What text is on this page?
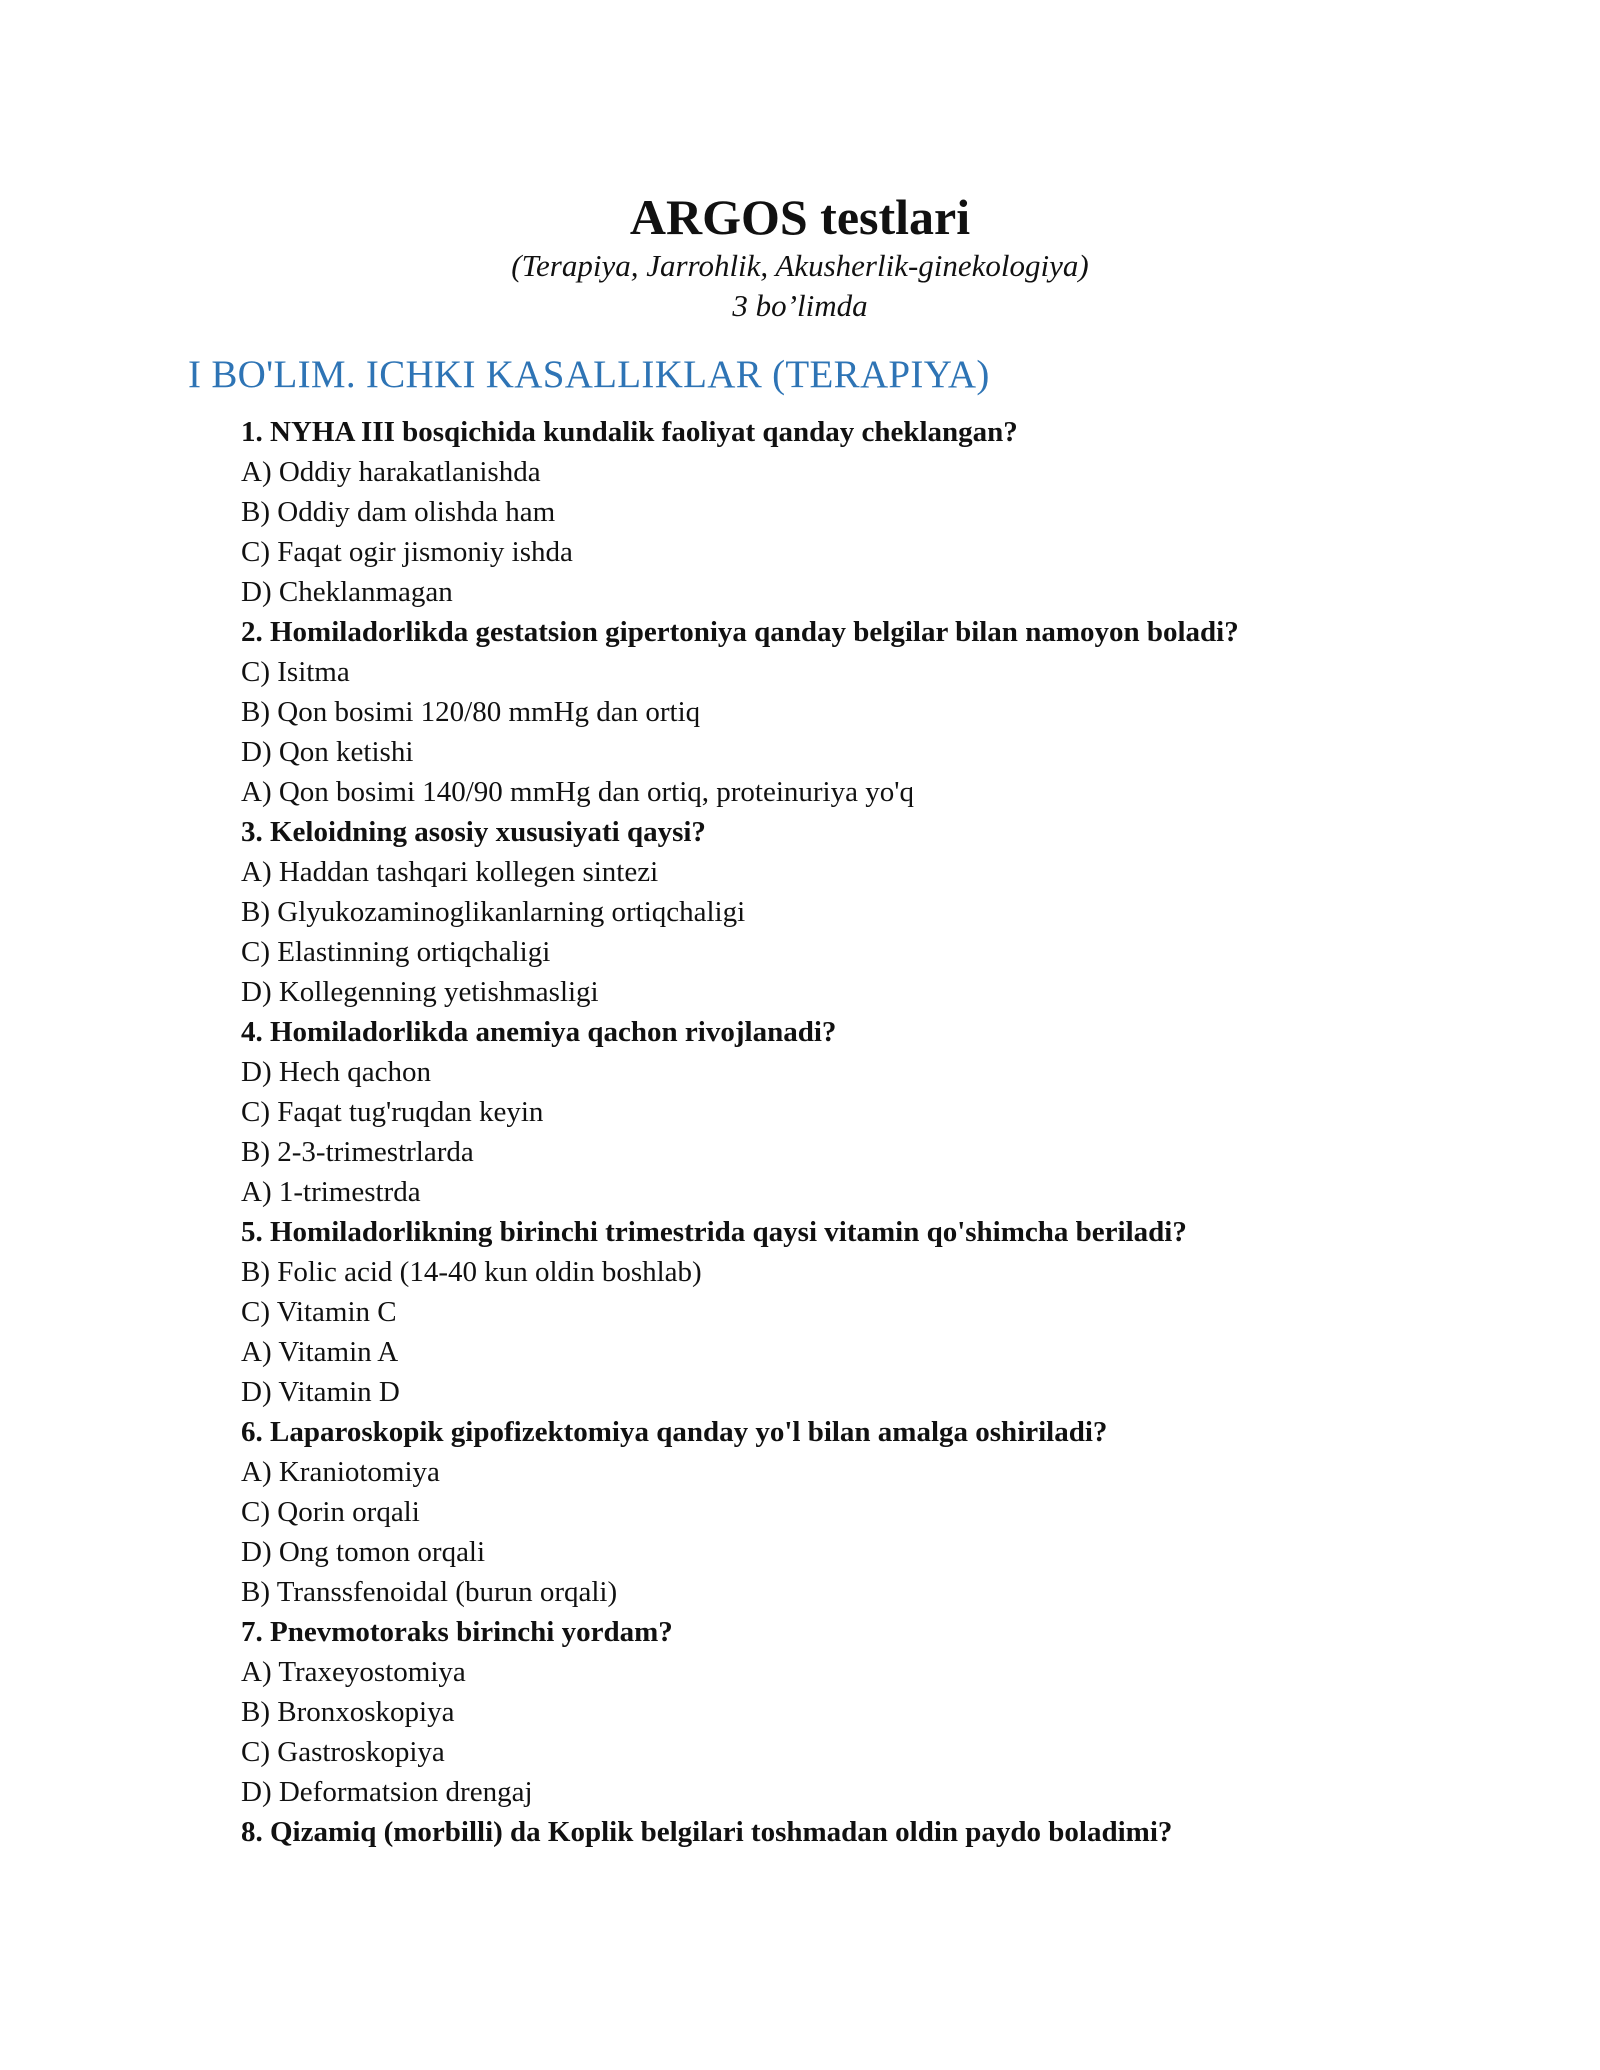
ARGOS testlari
(Terapiya, Jarrohlik, Akusherlik-ginekologiya)
3 bo’limda
I BO'LIM. ICHKI KASALLIKLAR (TERAPIYA)
1. NYHA III bosqichida kundalik faoliyat qanday cheklangan?
A) Oddiy harakatlanishda
B) Oddiy dam olishda ham
C) Faqat ogir jismoniy ishda
D) Cheklanmagan
2. Homiladorlikda gestatsion gipertoniya qanday belgilar bilan namoyon boladi?
C) Isitma
B) Qon bosimi 120/80 mmHg dan ortiq
D) Qon ketishi
A) Qon bosimi 140/90 mmHg dan ortiq, proteinuriya yo'q
3. Keloidning asosiy xususiyati qaysi?
A) Haddan tashqari kollegen sintezi
B) Glyukozaminoglikanlarning ortiqchaligi
C) Elastinning ortiqchaligi
D) Kollegenning yetishmasligi
4. Homiladorlikda anemiya qachon rivojlanadi?
D) Hech qachon
C) Faqat tug'ruqdan keyin
B) 2-3-trimestrlarda
A) 1-trimestrda
5. Homiladorlikning birinchi trimestrida qaysi vitamin qo'shimcha beriladi?
B) Folic acid (14-40 kun oldin boshlab)
C) Vitamin C
A) Vitamin A
D) Vitamin D
6. Laparoskopik gipofizektomiya qanday yo'l bilan amalga oshiriladi?
A) Kraniotomiya
C) Qorin orqali
D) Ong tomon orqali
B) Transsfenoidal (burun orqali)
7. Pnevmotoraks birinchi yordam?
A) Traxeyostomiya
B) Bronxoskopiya
C) Gastroskopiya
D) Deformatsion drengaj
8. Qizamiq (morbilli) da Koplik belgilari toshmadan oldin paydo boladimi?
